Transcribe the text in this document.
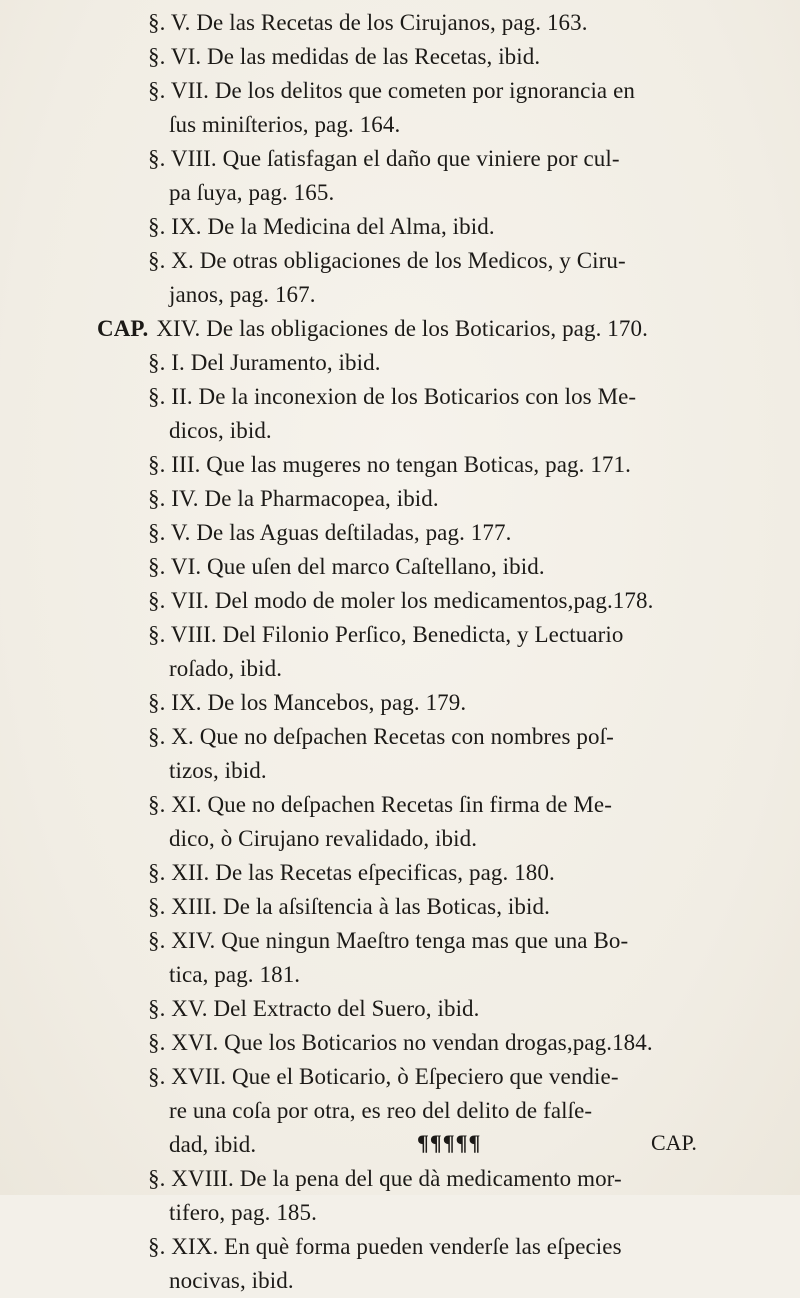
§. V. De las Recetas de los Cirujanos, pag. 163.
§. VI. De las medidas de las Recetas, ibid.
§. VII. De los delitos que cometen por ignorancia en
ſus miniſterios, pag. 164.
§. VIII. Que ſatisfagan el daño que viniere por cul-
pa ſuya, pag. 165.
§. IX. De la Medicina del Alma, ibid.
§. X. De otras obligaciones de los Medicos, y Ciru-
janos, pag. 167.
CAP. XIV. De las obligaciones de los Boticarios, pag. 170.
§. I. Del Juramento, ibid.
§. II. De la inconexion de los Boticarios con los Me-
dicos, ibid.
§. III. Que las mugeres no tengan Boticas, pag. 171.
§. IV. De la Pharmacopea, ibid.
§. V. De las Aguas deſtiladas, pag. 177.
§. VI. Que uſen del marco Caſtellano, ibid.
§. VII. Del modo de moler los medicamentos,pag.178.
§. VIII. Del Filonio Perſico, Benedicta, y Lectuario
roſado, ibid.
§. IX. De los Mancebos, pag. 179.
§. X. Que no deſpachen Recetas con nombres poſ-
tizos, ibid.
§. XI. Que no deſpachen Recetas ſin firma de Me-
dico, ò Cirujano revalidado, ibid.
§. XII. De las Recetas eſpecificas, pag. 180.
§. XIII. De la aſsiſtencia à las Boticas, ibid.
§. XIV. Que ningun Maeſtro tenga mas que una Bo-
tica, pag. 181.
§. XV. Del Extracto del Suero, ibid.
§. XVI. Que los Boticarios no vendan drogas,pag.184.
§. XVII. Que el Boticario, ò Eſpeciero que vendie-
re una coſa por otra, es reo del delito de falſe-
dad, ibid.
§. XVIII. De la pena del que dà medicamento mor-
tifero, pag. 185.
§. XIX. En què forma pueden venderſe las eſpecies
nocivas, ibid.
¶¶¶¶¶	CAP.
